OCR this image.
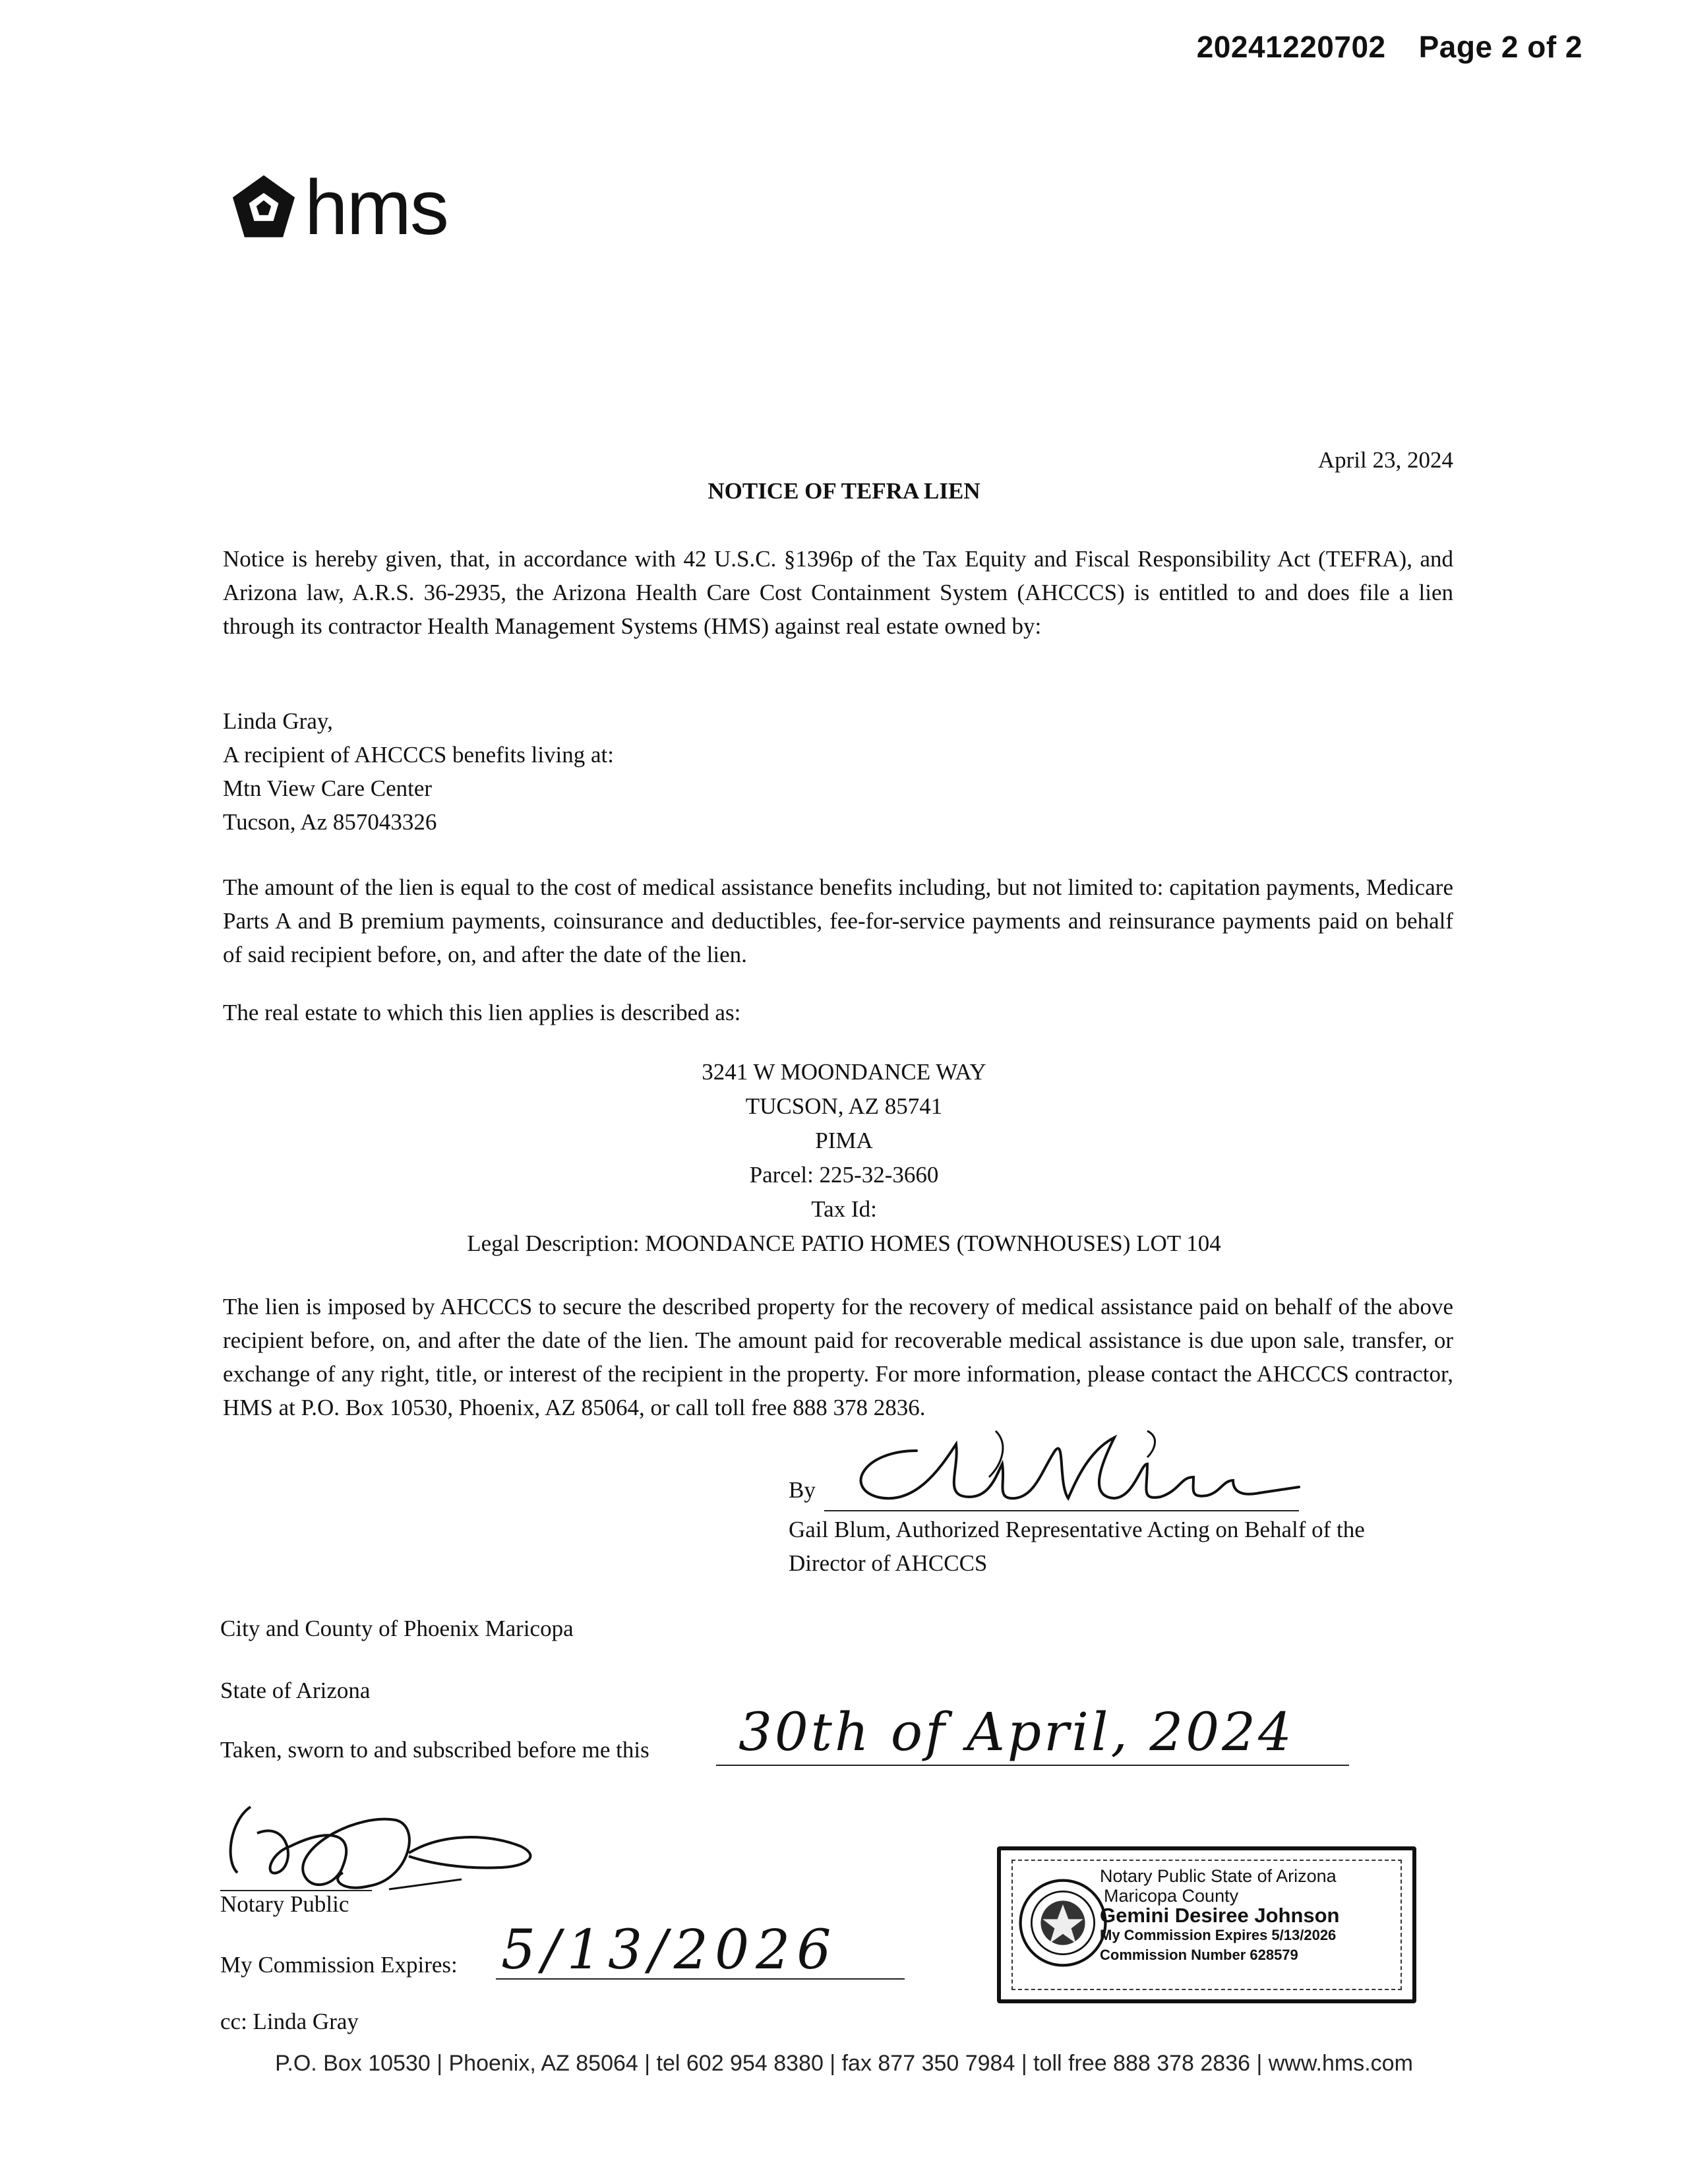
20241220702 Page 2 of 2
hms
April 23, 2024
NOTICE OF TEFRA LIEN
Notice is hereby given, that, in accordance with 42 U.S.C. §1396p of the Tax Equity and Fiscal Responsibility Act (TEFRA), and Arizona law, A.R.S. 36-2935, the Arizona Health Care Cost Containment System (AHCCCS) is entitled to and does file a lien through its contractor Health Management Systems (HMS) against real estate owned by:
Linda Gray,
A recipient of AHCCCS benefits living at:
Mtn View Care Center
Tucson, Az 857043326
The amount of the lien is equal to the cost of medical assistance benefits including, but not limited to: capitation payments, Medicare Parts A and B premium payments, coinsurance and deductibles, fee-for-service payments and reinsurance payments paid on behalf of said recipient before, on, and after the date of the lien.
The real estate to which this lien applies is described as:
3241 W MOONDANCE WAY
TUCSON, AZ 85741
PIMA
Parcel: 225-32-3660
Tax Id:
Legal Description: MOONDANCE PATIO HOMES (TOWNHOUSES) LOT 104
The lien is imposed by AHCCCS to secure the described property for the recovery of medical assistance paid on behalf of the above recipient before, on, and after the date of the lien. The amount paid for recoverable medical assistance is due upon sale, transfer, or exchange of any right, title, or interest of the recipient in the property. For more information, please contact the AHCCCS contractor, HMS at P.O. Box 10530, Phoenix, AZ 85064, or call toll free 888 378 2836.
By
Gail Blum, Authorized Representative Acting on Behalf of the
Director of AHCCCS
City and County of Phoenix Maricopa
State of Arizona
Taken, sworn to and subscribed before me this 30th of April, 2024
Notary Public
My Commission Expires: 5/13/2026
cc: Linda Gray
Notary Public State of Arizona
Maricopa County
Gemini Desiree Johnson
My Commission Expires 5/13/2026
Commission Number 628579
P.O. Box 10530 | Phoenix, AZ 85064 | tel 602 954 8380 | fax 877 350 7984 | toll free 888 378 2836 | www.hms.com
